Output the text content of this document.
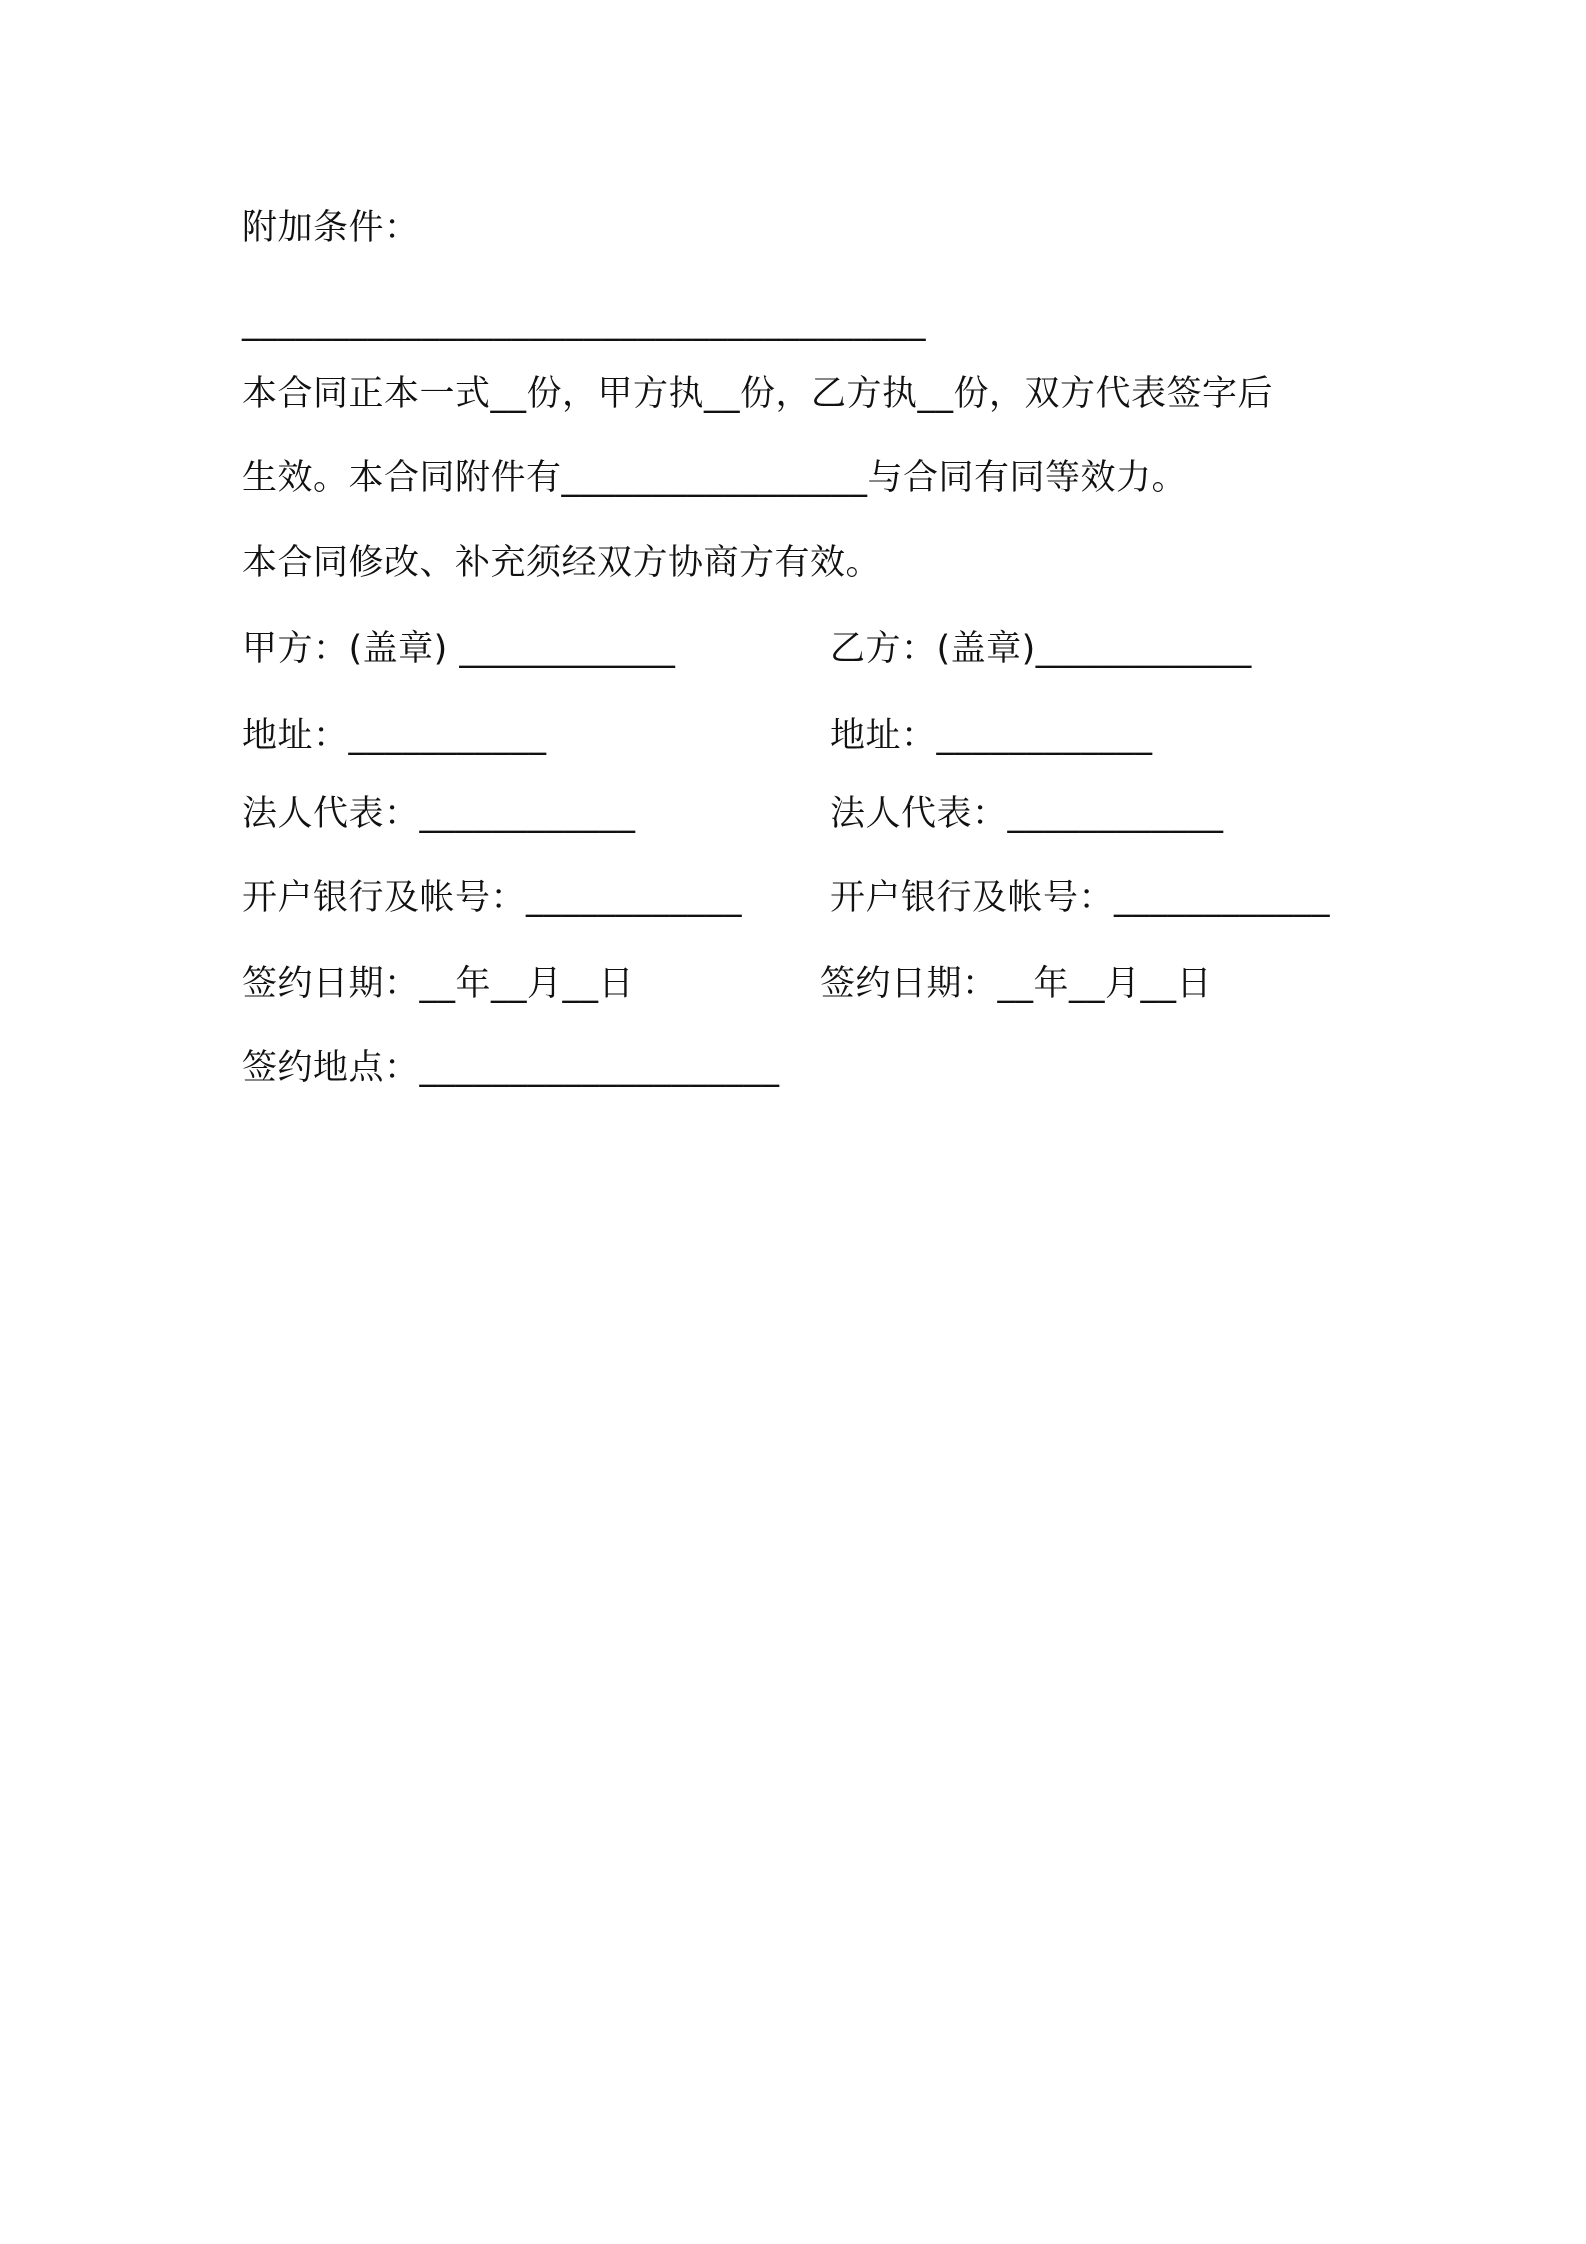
附加条件：
______________________________________
本合同正本一式__份，甲方执__份，乙方执__份，双方代表签字后
生效。本合同附件有_________________与合同有同等效力。
本合同修改、补充须经双方协商方有效。
甲方：(盖章) ____________
地址：___________
法人代表：____________
开户银行及帐号：____________
签约日期：__年__月__日
乙方：(盖章)____________
地址：____________
法人代表：____________
开户银行及帐号：____________
签约日期：__年__月__日
签约地点：____________________
